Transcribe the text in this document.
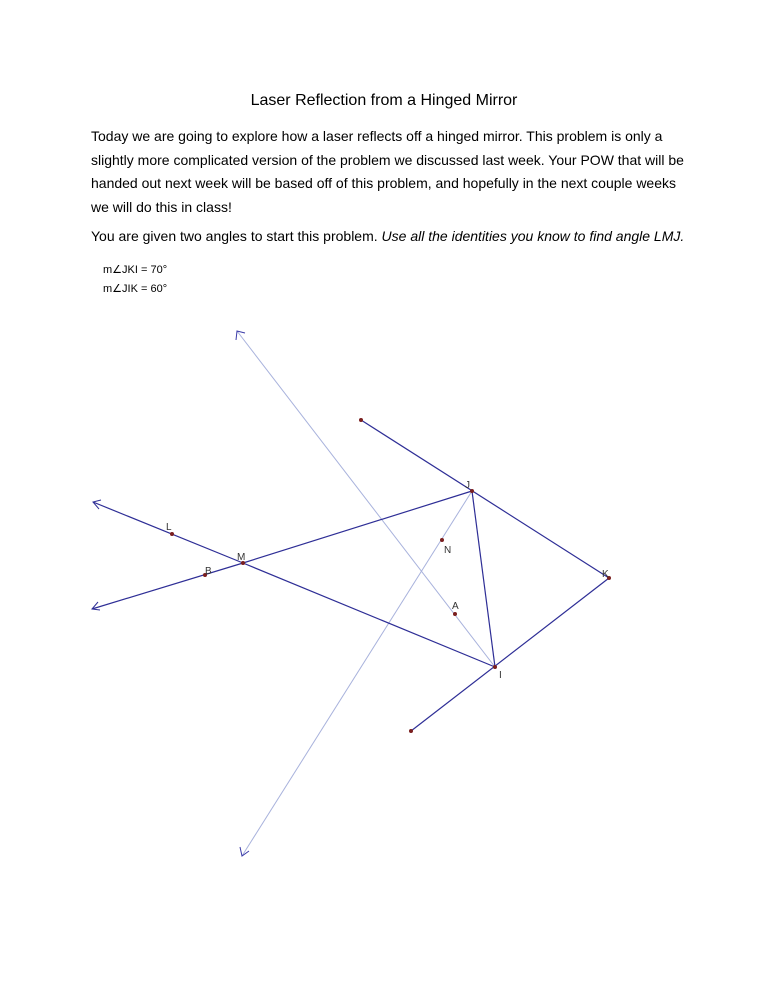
Laser Reflection from a Hinged Mirror
Today we are going to explore how a laser reflects off a hinged mirror. This problem is only a slightly more complicated version of the problem we discussed last week. Your POW that will be handed out next week will be based off of this problem, and hopefully in the next couple weeks we will do this in class!
You are given two angles to start this problem. Use all the identities you know to find angle LMJ.
m∠JKI = 70°
m∠JIK = 60°
J
K
I
M
L
B
N
A
